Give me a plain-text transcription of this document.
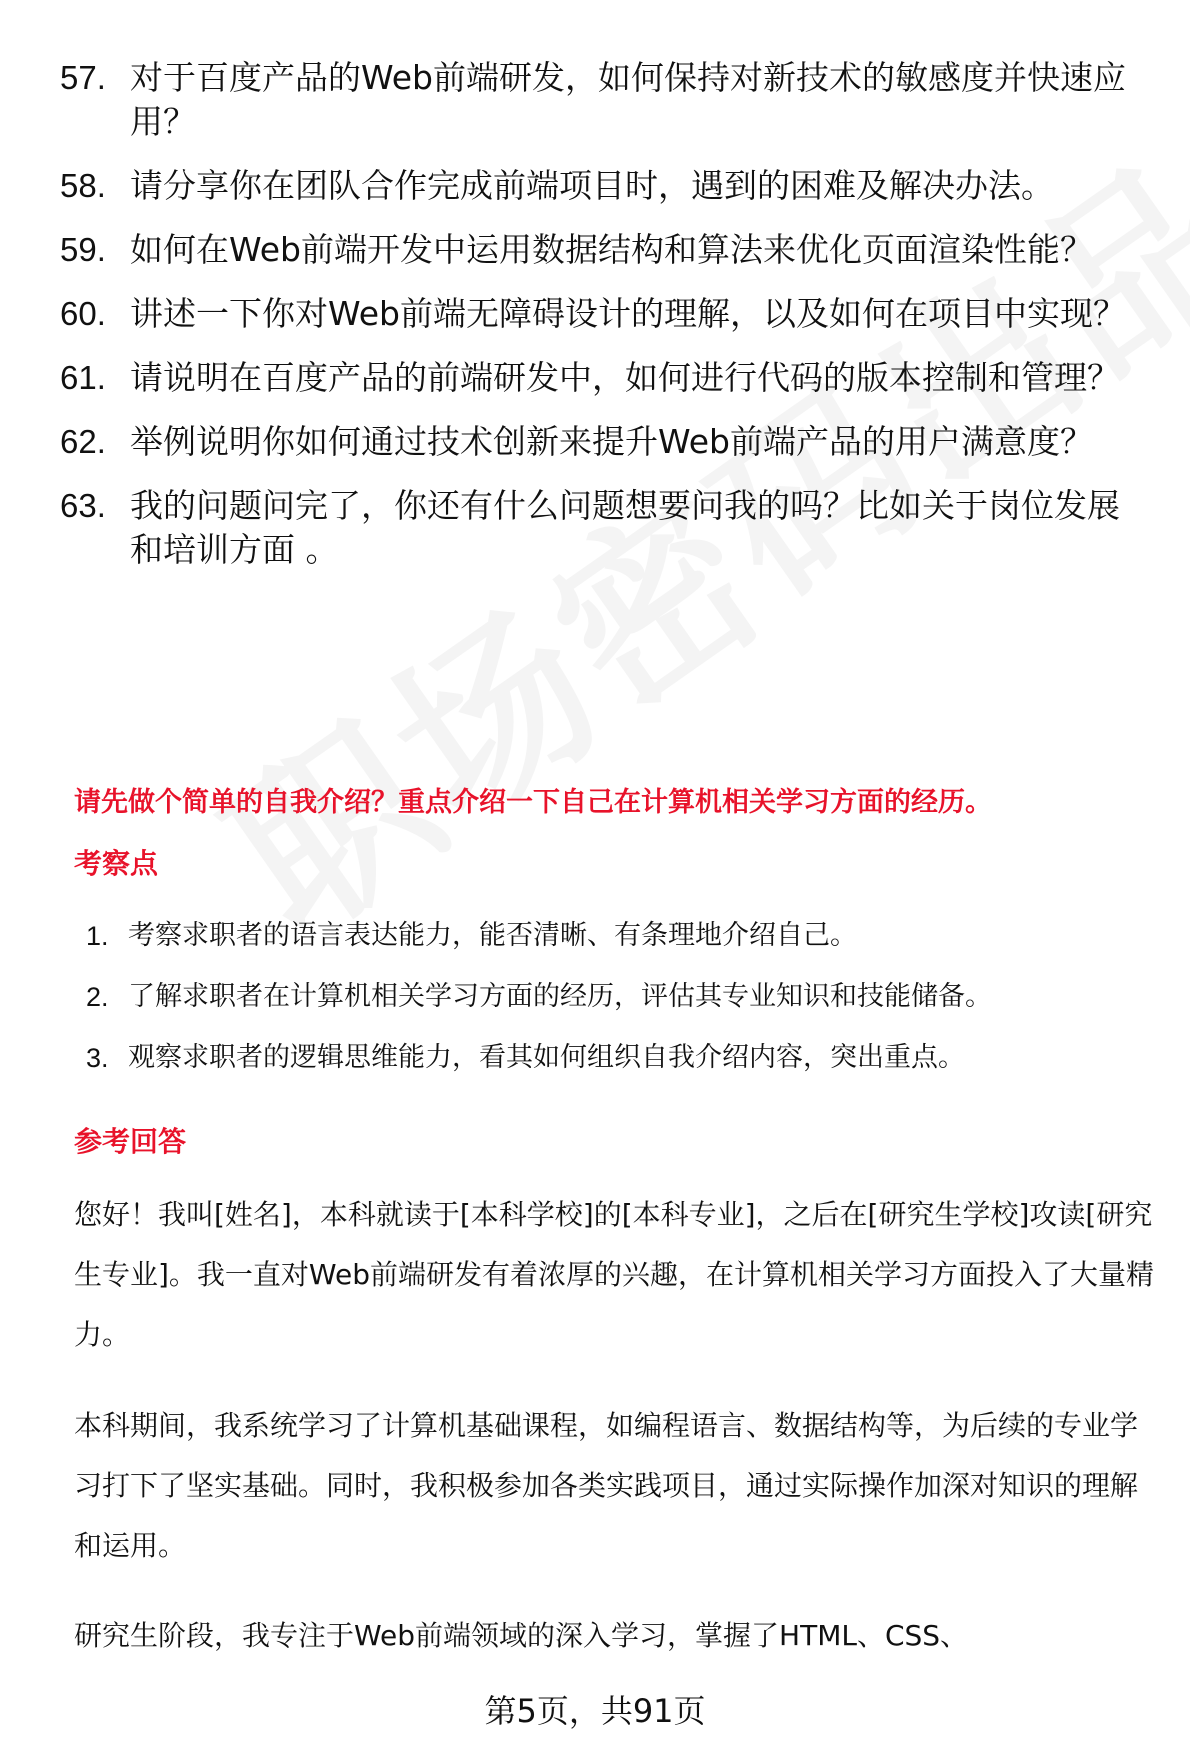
57. 对于百度产品的Web前端研发，如何保持对新技术的敏感度并快速应用？
58. 请分享你在团队合作完成前端项目时，遇到的困难及解决办法。
59. 如何在Web前端开发中运用数据结构和算法来优化页面渲染性能？
60. 讲述一下你对Web前端无障碍设计的理解，以及如何在项目中实现？
61. 请说明在百度产品的前端研发中，如何进行代码的版本控制和管理？
62. 举例说明你如何通过技术创新来提升Web前端产品的用户满意度？
63. 我的问题问完了，你还有什么问题想要问我的吗？比如关于岗位发展和培训方面 。
请先做个简单的自我介绍？重点介绍一下自己在计算机相关学习方面的经历。
考察点
1. 考察求职者的语言表达能力，能否清晰、有条理地介绍自己。
2. 了解求职者在计算机相关学习方面的经历，评估其专业知识和技能储备。
3. 观察求职者的逻辑思维能力，看其如何组织自我介绍内容，突出重点。
参考回答

您好！我叫[姓名]，本科就读于[本科学校]的[本科专业]，之后在[研究生学校]攻读[研究生专业]。我一直对Web前端研发有着浓厚的兴趣，在计算机相关学习方面投入了大量精力。

本科期间，我系统学习了计算机基础课程，如编程语言、数据结构等，为后续的专业学习打下了坚实基础。同时，我积极参加各类实践项目，通过实际操作加深对知识的理解和运用。

研究生阶段，我专注于Web前端领域的深入学习，掌握了HTML、CSS、

第5页，共91页
